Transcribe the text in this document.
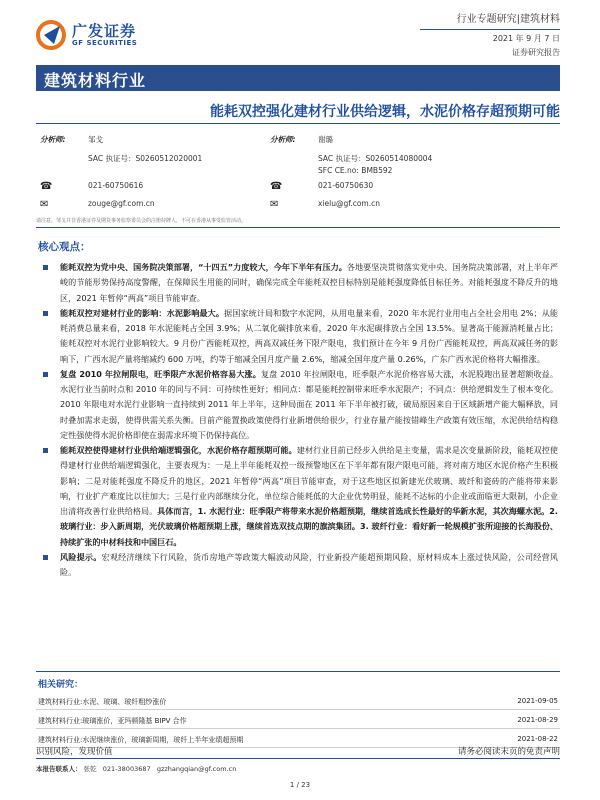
广发证券
GF SECURITIES
行业专题研究|建筑材料
2021 年 9 月 7 日
证券研究报告
建筑材料行业
能耗双控强化建材行业供给逻辑，水泥价格存超预期可能
分析师:	邹戈
SAC 执证号：S0260512020001
☎	021-60750616
✉	zouge@gf.com.cn
分析师:	谢璐
SAC 执证号：S0260514080004
SFC CE.no: BMB592
☎	021-60750630
✉	xielu@gf.com.cn
请注意，邹戈并非香港证券及期货事务监察委员会的注册持牌人，不可在香港从事受监管活动。
核心观点：
能耗双控为党中央、国务院决策部署，“十四五”力度较大，今年下半年有压力。各地要坚决贯彻落实党中央、国务院决策部署，对上半年严峻的节能形势保持高度警醒，在保障民生用能的同时，确保完成全年能耗双控目标特别是能耗强度降低目标任务。对能耗强度不降反升的地区，2021 年暂停“两高”项目节能审查。
能耗双控对建材行业的影响：水泥影响最大。据国家统计局和数字水泥网，从用电量来看，2020 年水泥行业用电占全社会用电 2%；从能耗消费总量来看，2018 年水泥能耗占全国 3.9%；从二氧化碳排放来看，2020 年水泥碳排放占全国 13.5%。显著高于能源消耗量占比；能耗双控对水泥行业影响较大。9 月份广西能耗双控，两高双减任务下限产限电，我们预计在今年 9 月份广西能耗双控，两高双减任务的影响下，广西水泥产量将缩减约 600 万吨，约等于缩减全国月度产量 2.6%，缩减全国年度产量 0.26%，广东广西水泥价格将大幅推涨。
复盘 2010 年拉闸限电，旺季限产水泥价格容易大涨。复盘 2010 年拉闸限电，旺季限产水泥价格容易大涨，水泥股跑出显著超额收益。水泥行业当前时点和 2010 年的同与不同：可持续性更好；相同点：都是能耗控制带来旺季水泥限产；不同点：供给逻辑发生了根本变化。2010 年限电对水泥行业影响一直持续到 2011 年上半年，这种局面在 2011 年下半年被打破，破局原因来自于区域新增产能大幅释放，同时叠加需求走弱，使得供需关系失衡。目前产能置换政策使得行业新增供给很少，行业存量产能按错峰生产政策有效压缩，水泥供给结构稳定性强使得水泥价格即使在弱需求环境下仍保持高位。
能耗双控使得建材行业供给端逻辑强化，水泥价格存超预期可能。建材行业目前已经步入供给是主变量，需求是次变量新阶段，能耗双控使得建材行业供给端逻辑强化，主要表现为：一是上半年能耗双控一级预警地区在下半年都有限产限电可能，将对南方地区水泥价格产生积极影响；二是对能耗强度不降反升的地区，2021 年暂停“两高”项目节能审查，对于这些地区拟新建光伏玻璃、玻纤和瓷砖的产能将带来影响，行业扩产难度比以往加大；三是行业内部继续分化，单位综合能耗低的大企业优势明显，能耗不达标的小企业或面临更大限制，小企业出清将改善行业供给格局。具体而言，1. 水泥行业：旺季限产将带来水泥价格超预期，继续首选成长性最好的华新水泥，其次海螺水泥。2. 玻璃行业：步入新周期，光伏玻璃价格超预期上涨，继续首选双技点期的旗滨集团。3. 玻纤行业：看好新一轮规模扩张所迎接的长海股份、持续扩张的中材科技和中国巨石。
风险提示。宏观经济继续下行风险，货币房地产等政策大幅波动风险，行业新投产能超预期风险，原材料成本上涨过快风险，公司经营风险。
相关研究：
建筑材料行业:水泥、玻璃、玻纤粗纱涨价	2021-09-05
建筑材料行业:玻璃涨价，亚玛顿隆基 BIPV 合作	2021-08-29
建筑材料行业:水泥继续涨价，玻璃新周期，玻纤上半年业绩超预期	2021-08-22
识别风险，发现价值	请务必阅读末页的免责声明
本报告联系人： 张乾 021-38003687 gzzhangqian@gf.com.cn
1 / 23
